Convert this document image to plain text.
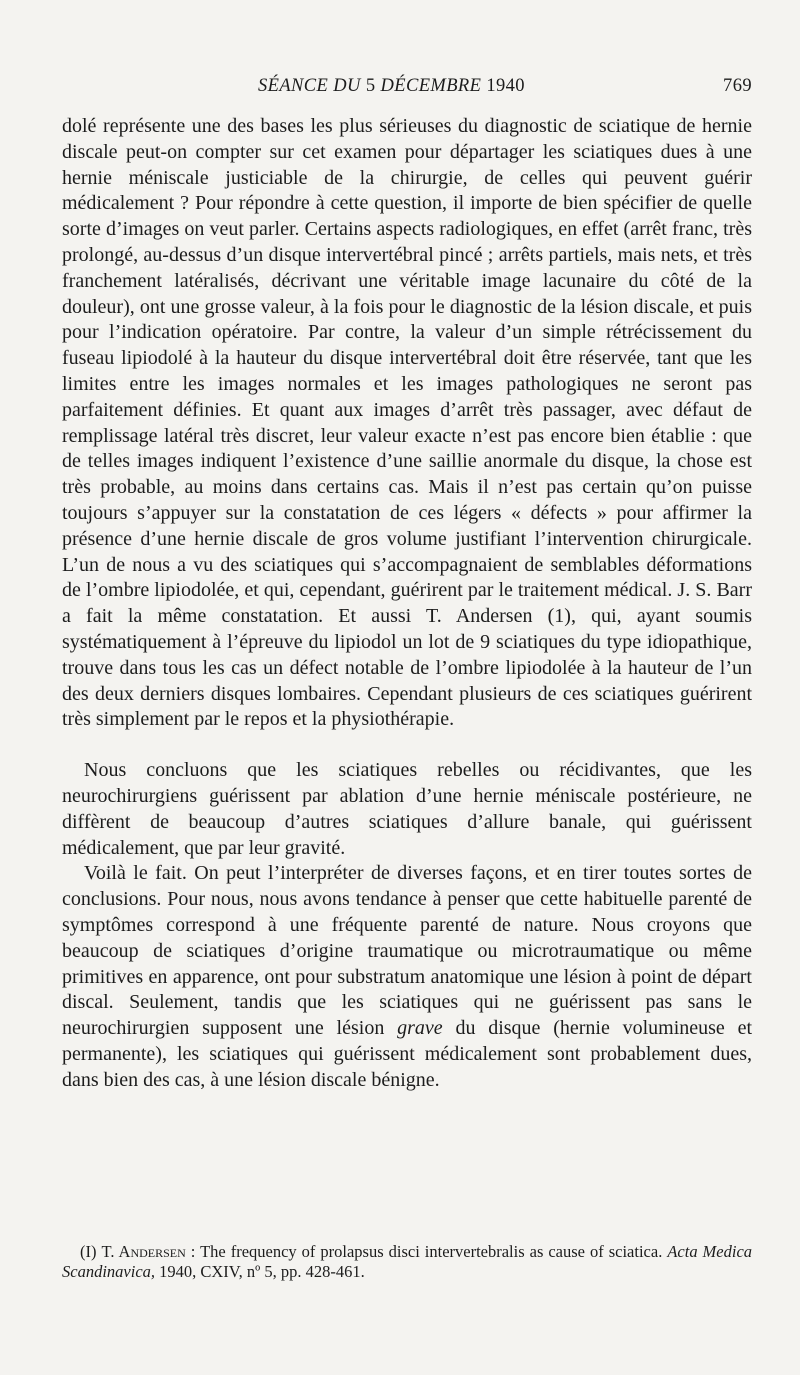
SÉANCE DU 5 DÉCEMBRE 1940	769

dolé représente une des bases les plus sérieuses du diagnostic de sciatique de hernie discale peut-on compter sur cet examen pour départager les sciatiques dues à une hernie méniscale justiciable de la chirurgie, de celles qui peuvent guérir médicalement ? Pour répondre à cette question, il importe de bien spécifier de quelle sorte d’images on veut parler. Certains aspects radiologiques, en effet (arrêt franc, très prolongé, au-dessus d’un disque intervertébral pincé ; arrêts partiels, mais nets, et très franchement latéralisés, décrivant une véritable image lacunaire du côté de la douleur), ont une grosse valeur, à la fois pour le diagnostic de la lésion discale, et puis pour l’indication opératoire. Par contre, la valeur d’un simple rétrécissement du fuseau lipiodolé à la hauteur du disque intervertébral doit être réservée, tant que les limites entre les images normales et les images pathologiques ne seront pas parfaitement définies. Et quant aux images d’arrêt très passager, avec défaut de remplissage latéral très discret, leur valeur exacte n’est pas encore bien établie : que de telles images indiquent l’existence d’une saillie anormale du disque, la chose est très probable, au moins dans certains cas. Mais il n’est pas certain qu’on puisse toujours s’appuyer sur la constatation de ces légers « défects » pour affirmer la présence d’une hernie discale de gros volume justifiant l’intervention chirurgicale. L’un de nous a vu des sciatiques qui s’accompagnaient de semblables déformations de l’ombre lipiodolée, et qui, cependant, guérirent par le traitement médical. J. S. Barr a fait la même constatation. Et aussi T. Andersen (1), qui, ayant soumis systématiquement à l’épreuve du lipiodol un lot de 9 sciatiques du type idiopathique, trouve dans tous les cas un défect notable de l’ombre lipiodolée à la hauteur de l’un des deux derniers disques lombaires. Cependant plusieurs de ces sciatiques guérirent très simplement par le repos et la physiothérapie.

Nous concluons que les sciatiques rebelles ou récidivantes, que les neurochirurgiens guérissent par ablation d’une hernie méniscale postérieure, ne diffèrent de beaucoup d’autres sciatiques d’allure banale, qui guérissent médicalement, que par leur gravité.

Voilà le fait. On peut l’interpréter de diverses façons, et en tirer toutes sortes de conclusions. Pour nous, nous avons tendance à penser que cette habituelle parenté de symptômes correspond à une fréquente parenté de nature. Nous croyons que beaucoup de sciatiques d’origine traumatique ou microtraumatique ou même primitives en apparence, ont pour substratum anatomique une lésion à point de départ discal. Seulement, tandis que les sciatiques qui ne guérissent pas sans le neurochirurgien supposent une lésion grave du disque (hernie volumineuse et permanente), les sciatiques qui guérissent médicalement sont probablement dues, dans bien des cas, à une lésion discale bénigne.

(I) T. Andersen : The frequency of prolapsus disci intervertebralis as cause of sciatica. Acta Medica Scandinavica, 1940, CXIV, nº 5, pp. 428-461.
